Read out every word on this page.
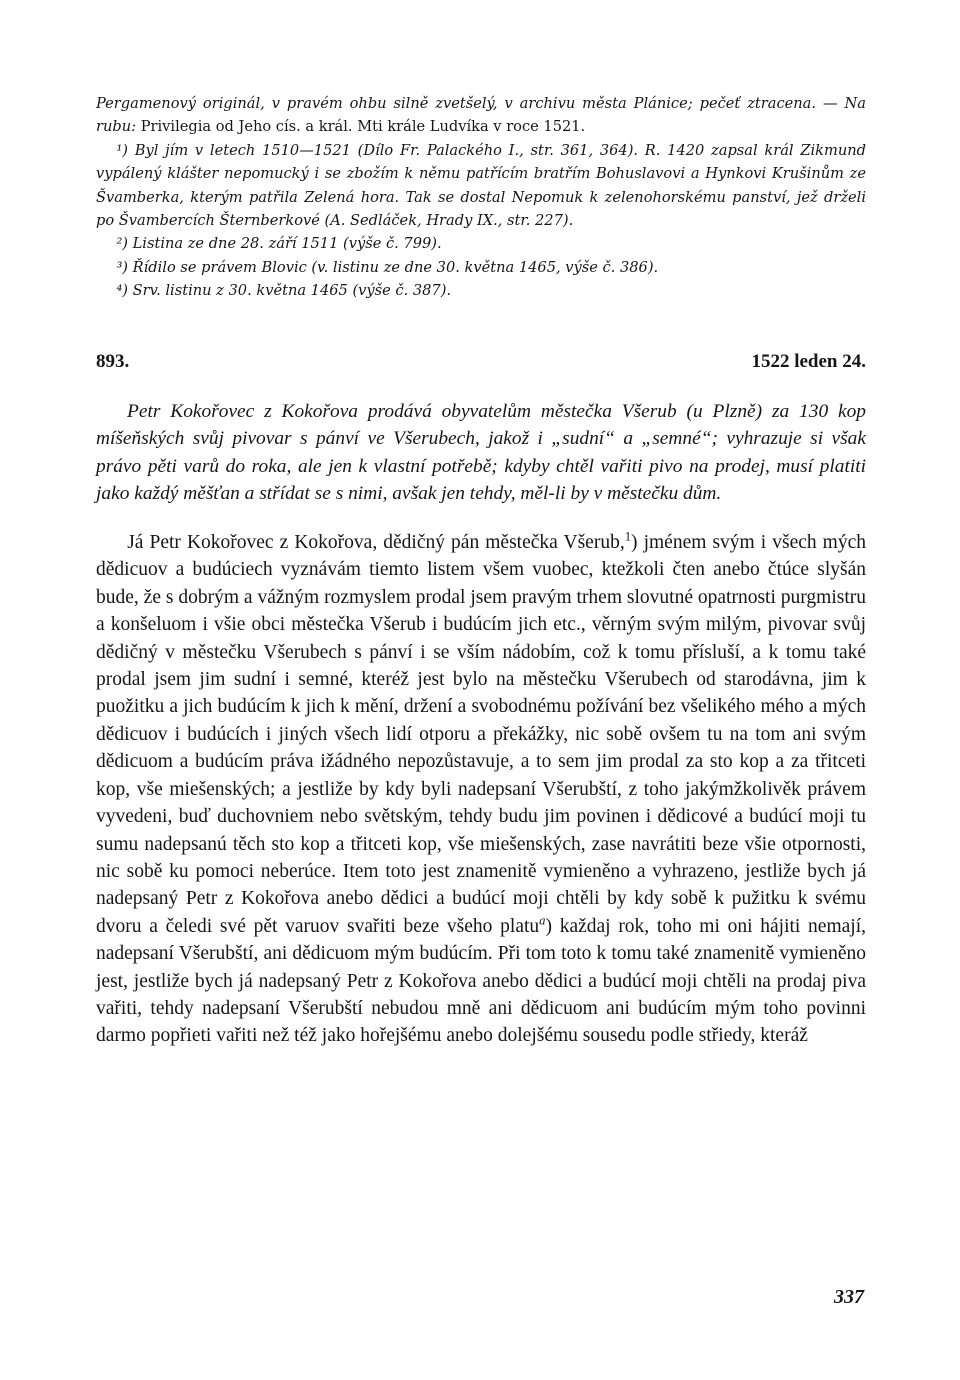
Pergamenový originál, v pravém ohbu silně zvetšelý, v archivu města Plánice; pečeť ztracena. — Na rubu: Privilegia od Jeho cís. a král. Mti krále Ludvíka v roce 1521.

¹) Byl jím v letech 1510—1521 (Dílo Fr. Palackého I., str. 361, 364). R. 1420 zapsal král Zikmund vypálený klášter nepomucký i se zbožím k němu patřícím bratřím Bohuslavovi a Hynkovi Krušinům ze Švamberka, kterým patřila Zelená hora. Tak se dostal Nepomuk k zelenohorskému panství, jež drželi po Švambercích Šternberkové (A. Sedláček, Hrady IX., str. 227).

²) Listina ze dne 28. září 1511 (výše č. 799).

³) Řídilo se právem Blovic (v. listinu ze dne 30. května 1465, výše č. 386).

⁴) Srv. listinu z 30. května 1465 (výše č. 387).

893.	1522 leden 24.

Petr Kokořovec z Kokořova prodává obyvatelům městečka Všerub (u Plzně) za 130 kop míšeňských svůj pivovar s pánví ve Všerubech, jakož i „sudní“ a „semné“; vyhrazuje si však právo pěti varů do roka, ale jen k vlastní potřebě; kdyby chtěl vařiti pivo na prodej, musí platiti jako každý měšťan a střídat se s nimi, avšak jen tehdy, měl-li by v městečku dům.

Já Petr Kokořovec z Kokořova, dědičný pán městečka Všerub,$^1$) jménem svým i všech mých dědicuov a budúciech vyznávám tiemto listem všem vuobec, ktežkoli čten anebo čtúce slyšán bude, že s dobrým a vážným rozmyslem prodal jsem pravým trhem slovutné opatrnosti purgmistru a konšeluom i všie obci městečka Všerub i budúcím jich etc., věrným svým milým, pivovar svůj dědičný v městečku Všerubech s pánví i se vším nádobím, což k tomu přísluší, a k tomu také prodal jsem jim sudní i semné, kteréž jest bylo na městečku Všerubech od starodávna, jim k puožitku a jich budúcím k jich k mění, držení a svobodnému požívání bez všelikého mého a mých dědicuov i budúcích i jiných všech lidí otporu a překážky, nic sobě ovšem tu na tom ani svým dědicuom a budúcím práva ižádného nepozůstavuje, a to sem jim prodal za sto kop a za třitceti kop, vše miešenských; a jestliže by kdy byli nadepsaní Všerubští, z toho jakýmžkolivěk právem vyvedeni, buď duchovniem nebo světským, tehdy budu jim povinen i dědicové a budúcí moji tu sumu nadepsanú těch sto kop a třitceti kop, vše miešenských, zase navrátiti beze všie otpornosti, nic sobě ku pomoci neberúce. Item toto jest znamenitě vymieněno a vyhrazeno, jestliže bych já nadepsaný Petr z Kokořova anebo dědici a budúcí moji chtěli by kdy sobě k pužitku k svému dvoru a čeledi své pět varuov svařiti beze všeho platu$^a$) každaj rok, toho mi oni hájiti nemají, nadepsaní Všerubští, ani dědicuom mým budúcím. Při tom toto k tomu také znamenitě vymieněno jest, jestliže bych já nadepsaný Petr z Kokořova anebo dědici a budúcí moji chtěli na prodaj piva vařiti, tehdy nadepsaní Všerubští nebudou mně ani dědicuom ani budúcím mým toho povinni darmo popřieti vařiti než též jako hořejšému anebo dolejšému sousedu podle střiedy, kteráž

337
